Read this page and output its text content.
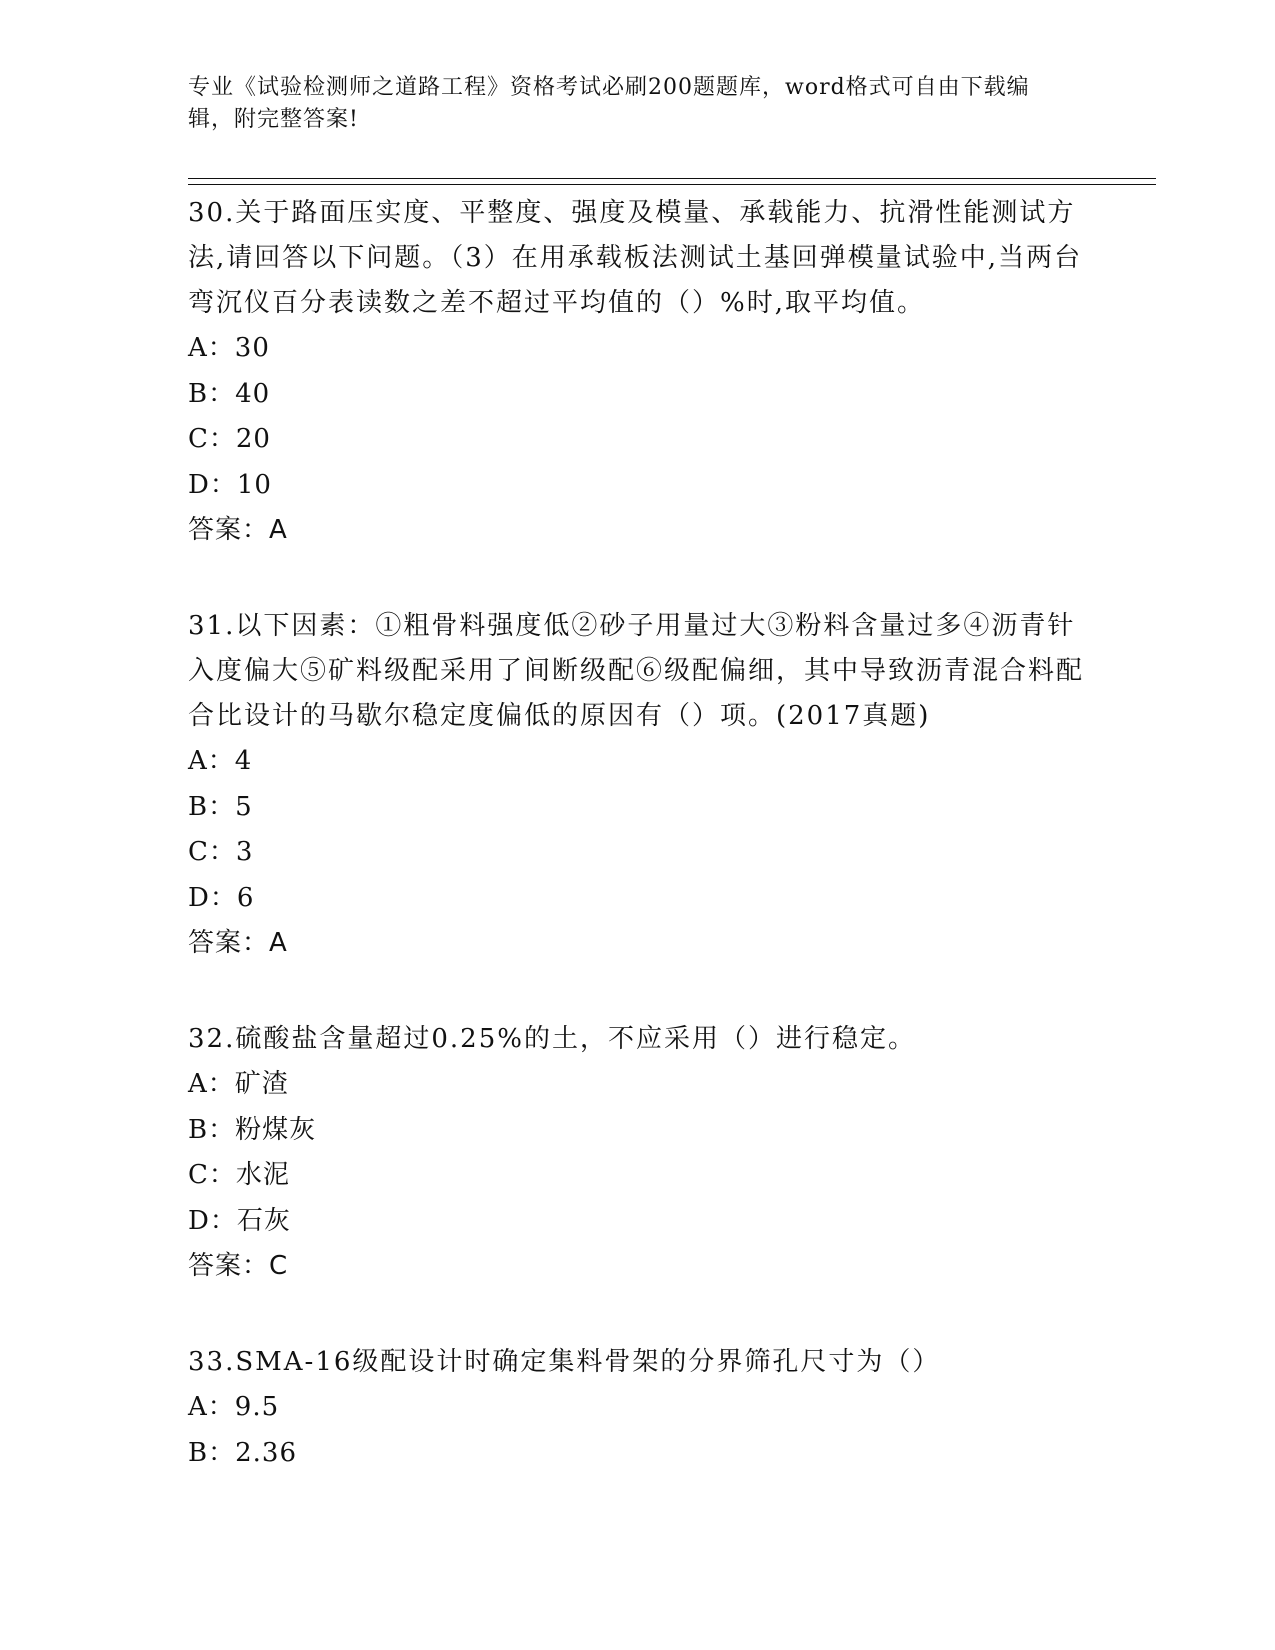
专业《试验检测师之道路工程》资格考试必刷200题题库，word格式可自由下载编辑，附完整答案!

30.关于路面压实度、平整度、强度及模量、承载能力、抗滑性能测试方法,请回答以下问题。（3）在用承载板法测试土基回弹模量试验中,当两台弯沉仪百分表读数之差不超过平均值的（）%时,取平均值。

A：30
B：40
C：20
D：10

答案：A

31.以下因素：①粗骨料强度低②砂子用量过大③粉料含量过多④沥青针入度偏大⑤矿料级配采用了间断级配⑥级配偏细，其中导致沥青混合料配合比设计的马歇尔稳定度偏低的原因有（）项。(2017真题)

A：4
B：5
C：3
D：6

答案：A

32.硫酸盐含量超过0.25%的土，不应采用（）进行稳定。

A：矿渣
B：粉煤灰
C：水泥
D：石灰

答案：C

33.SMA-16级配设计时确定集料骨架的分界筛孔尺寸为（）

A：9.5
B：2.36
